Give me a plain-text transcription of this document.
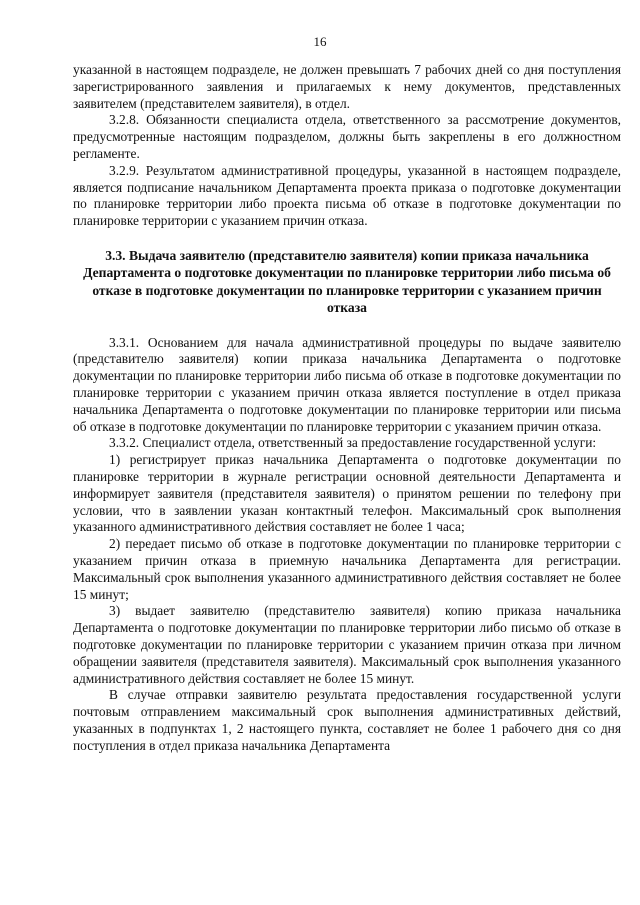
16

указанной в настоящем подразделе, не должен превышать 7 рабочих дней со дня поступления зарегистрированного заявления и прилагаемых к нему документов, представленных заявителем (представителем заявителя), в отдел.

3.2.8. Обязанности специалиста отдела, ответственного за рассмотрение документов, предусмотренные настоящим подразделом, должны быть закреплены в его должностном регламенте.

3.2.9. Результатом административной процедуры, указанной в настоящем подразделе, является подписание начальником Департамента проекта приказа о подготовке документации по планировке территории либо проекта письма об отказе в подготовке документации по планировке территории с указанием причин отказа.

3.3. Выдача заявителю (представителю заявителя) копии приказа начальника Департамента о подготовке документации по планировке территории либо письма об отказе в подготовке документации по планировке территории с указанием причин отказа

3.3.1. Основанием для начала административной процедуры по выдаче заявителю (представителю заявителя) копии приказа начальника Департамента о подготовке документации по планировке территории либо письма об отказе в подготовке документации по планировке территории с указанием причин отказа является поступление в отдел приказа начальника Департамента о подготовке документации по планировке территории или письма об отказе в подготовке документации по планировке территории с указанием причин отказа.

3.3.2. Специалист отдела, ответственный за предоставление государственной услуги:

1) регистрирует приказ начальника Департамента о подготовке документации по планировке территории в журнале регистрации основной деятельности Департамента и информирует заявителя (представителя заявителя) о принятом решении по телефону при условии, что в заявлении указан контактный телефон. Максимальный срок выполнения указанного административного действия составляет не более 1 часа;

2) передает письмо об отказе в подготовке документации по планировке территории с указанием причин отказа в приемную начальника Департамента для регистрации. Максимальный срок выполнения указанного административного действия составляет не более 15 минут;

3) выдает заявителю (представителю заявителя) копию приказа начальника Департамента о подготовке документации по планировке территории либо письмо об отказе в подготовке документации по планировке территории с указанием причин отказа при личном обращении заявителя (представителя заявителя). Максимальный срок выполнения указанного административного действия составляет не более 15 минут.

В случае отправки заявителю результата предоставления государственной услуги почтовым отправлением максимальный срок выполнения административных действий, указанных в подпунктах 1, 2 настоящего пункта, составляет не более 1 рабочего дня со дня поступления в отдел приказа начальника Департамента
